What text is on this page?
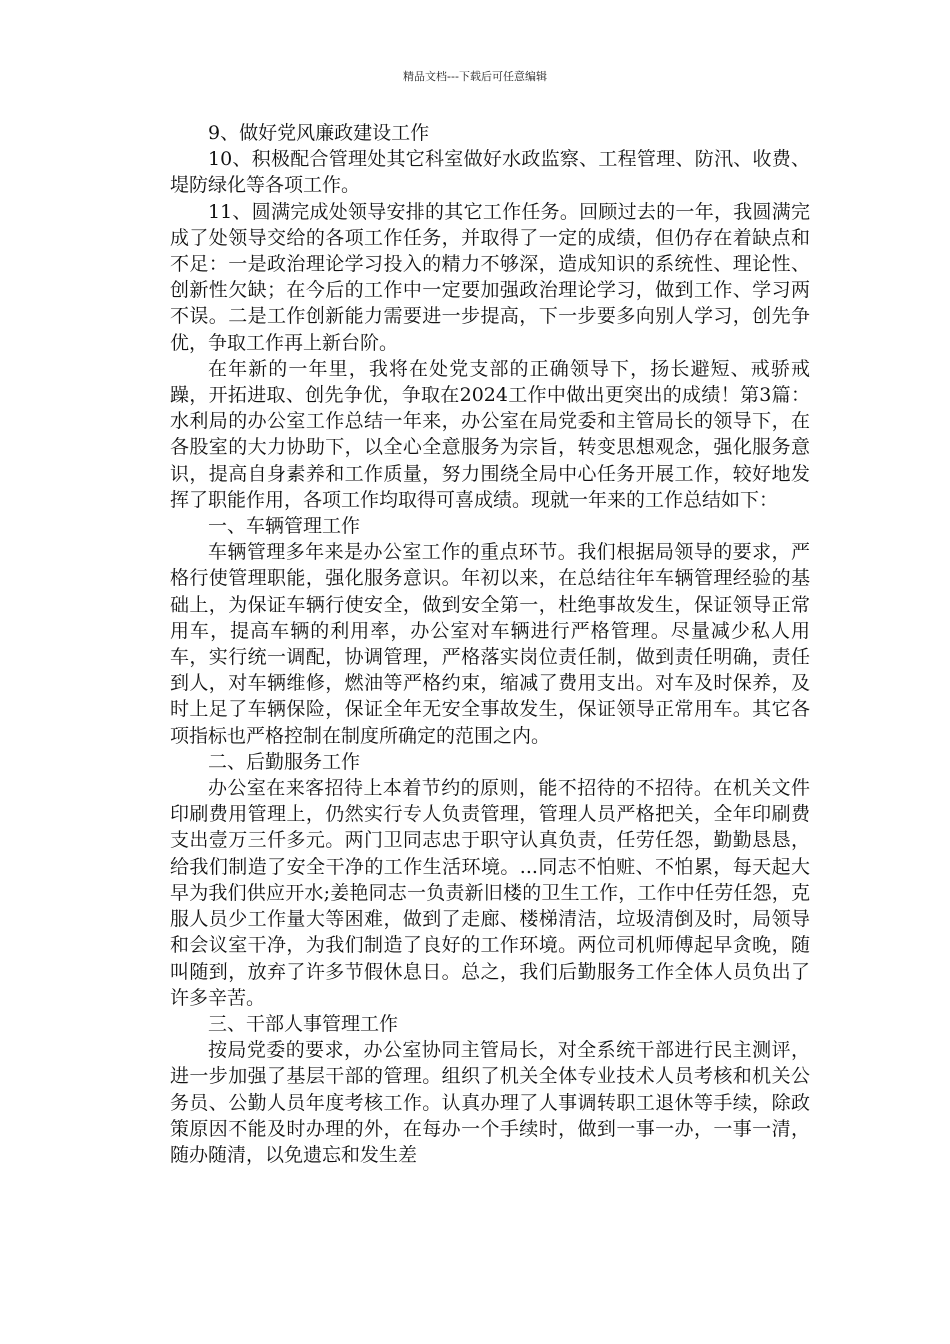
精品文档---下载后可任意编辑

9、做好党风廉政建设工作

10、积极配合管理处其它科室做好水政监察、工程管理、防汛、收费、堤防绿化等各项工作。

11、圆满完成处领导安排的其它工作任务。回顾过去的一年，我圆满完成了处领导交给的各项工作任务，并取得了一定的成绩，但仍存在着缺点和不足：一是政治理论学习投入的精力不够深，造成知识的系统性、理论性、创新性欠缺；在今后的工作中一定要加强政治理论学习，做到工作、学习两不误。二是工作创新能力需要进一步提高，下一步要多向别人学习，创先争优，争取工作再上新台阶。

在年新的一年里，我将在处党支部的正确领导下，扬长避短、戒骄戒躁，开拓进取、创先争优，争取在2024工作中做出更突出的成绩！第3篇：水利局的办公室工作总结一年来，办公室在局党委和主管局长的领导下，在各股室的大力协助下，以全心全意服务为宗旨，转变思想观念，强化服务意识，提高自身素养和工作质量，努力围绕全局中心任务开展工作，较好地发挥了职能作用，各项工作均取得可喜成绩。现就一年来的工作总结如下：

一、车辆管理工作

车辆管理多年来是办公室工作的重点环节。我们根据局领导的要求，严格行使管理职能，强化服务意识。年初以来，在总结往年车辆管理经验的基础上，为保证车辆行使安全，做到安全第一，杜绝事故发生，保证领导正常用车，提高车辆的利用率，办公室对车辆进行严格管理。尽量减少私人用车，实行统一调配，协调管理，严格落实岗位责任制，做到责任明确，责任到人，对车辆维修，燃油等严格约束，缩减了费用支出。对车及时保养，及时上足了车辆保险，保证全年无安全事故发生，保证领导正常用车。其它各项指标也严格控制在制度所确定的范围之内。

二、后勤服务工作

办公室在来客招待上本着节约的原则，能不招待的不招待。在机关文件印刷费用管理上，仍然实行专人负责管理，管理人员严格把关，全年印刷费支出壹万三仟多元。两门卫同志忠于职守认真负责，任劳任怨，勤勤恳恳，给我们制造了安全干净的工作生活环境。...同志不怕赃、不怕累，每天起大早为我们供应开水;姜艳同志一负责新旧楼的卫生工作，工作中任劳任怨，克服人员少工作量大等困难，做到了走廊、楼梯清洁，垃圾清倒及时，局领导和会议室干净，为我们制造了良好的工作环境。两位司机师傅起早贪晚，随叫随到，放弃了许多节假休息日。总之，我们后勤服务工作全体人员负出了许多辛苦。

三、干部人事管理工作

按局党委的要求，办公室协同主管局长，对全系统干部进行民主测评，进一步加强了基层干部的管理。组织了机关全体专业技术人员考核和机关公务员、公勤人员年度考核工作。认真办理了人事调转职工退休等手续，除政策原因不能及时办理的外，在每办一个手续时，做到一事一办，一事一清，随办随清，以免遗忘和发生差
